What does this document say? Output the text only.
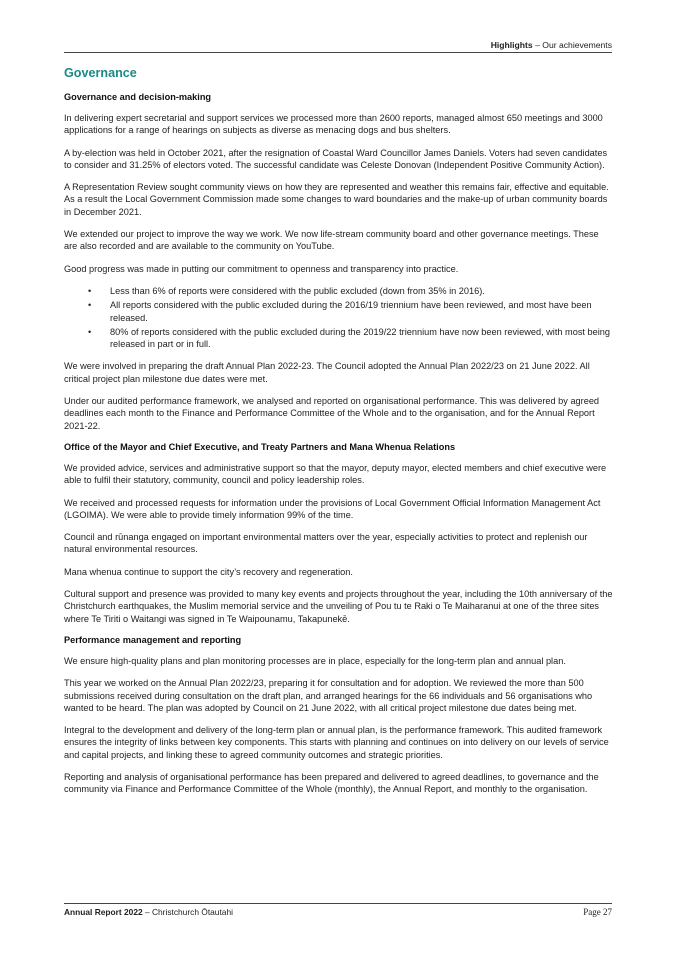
Highlights – Our achievements
Governance
Governance and decision-making

In delivering expert secretarial and support services we processed more than 2600 reports, managed almost 650 meetings and 3000 applications for a range of hearings on subjects as diverse as menacing dogs and bus shelters.

A by-election was held in October 2021, after the resignation of Coastal Ward Councillor James Daniels. Voters had seven candidates to consider and 31.25% of electors voted. The successful candidate was Celeste Donovan (Independent Positive Community Action).

A Representation Review sought community views on how they are represented and weather this remains fair, effective and equitable. As a result the Local Government Commission made some changes to ward boundaries and the make-up of urban community boards in December 2021.

We extended our project to improve the way we work. We now life-stream community board and other governance meetings. These are also recorded and are available to the community on YouTube.

Good progress was made in putting our commitment to openness and transparency into practice.

• Less than 6% of reports were considered with the public excluded (down from 35% in 2016).
• All reports considered with the public excluded during the 2016/19 triennium have been reviewed, and most have been released.
• 80% of reports considered with the public excluded during the 2019/22 triennium have now been reviewed, with most being released in part or in full.

We were involved in preparing the draft Annual Plan 2022-23. The Council adopted the Annual Plan 2022/23 on 21 June 2022. All critical project plan milestone due dates were met.

Under our audited performance framework, we analysed and reported on organisational performance. This was delivered by agreed deadlines each month to the Finance and Performance Committee of the Whole and to the organisation, and for the Annual Report 2021-22.

Office of the Mayor and Chief Executive, and Treaty Partners and Mana Whenua Relations

We provided advice, services and administrative support so that the mayor, deputy mayor, elected members and chief executive were able to fulfil their statutory, community, council and policy leadership roles.

We received and processed requests for information under the provisions of Local Government Official Information Management Act (LGOIMA). We were able to provide timely information 99% of the time.

Council and rūnanga engaged on important environmental matters over the year, especially activities to protect and replenish our natural environmental resources.

Mana whenua continue to support the city’s recovery and regeneration.

Cultural support and presence was provided to many key events and projects throughout the year, including the 10th anniversary of the Christchurch earthquakes, the Muslim memorial service and the unveiling of Pou tu te Raki o Te Maiharanui at one of the three sites where Te Tiriti o Waitangi was signed in Te Waipounamu, Takapunekē.

Performance management and reporting

We ensure high-quality plans and plan monitoring processes are in place, especially for the long-term plan and annual plan.

This year we worked on the Annual Plan 2022/23, preparing it for consultation and for adoption. We reviewed the more than 500 submissions received during consultation on the draft plan, and arranged hearings for the 66 individuals and 56 organisations who wanted to be heard. The plan was adopted by Council on 21 June 2022, with all critical project milestone due dates being met.

Integral to the development and delivery of the long-term plan or annual plan, is the performance framework. This audited framework ensures the integrity of links between key components. This starts with planning and continues on into delivery on our levels of service and capital projects, and linking these to agreed community outcomes and strategic priorities.

Reporting and analysis of organisational performance has been prepared and delivered to agreed deadlines, to governance and the community via Finance and Performance Committee of the Whole (monthly), the Annual Report, and monthly to the organisation.

Annual Report 2022 – Christchurch Ōtautahi	Page 27
